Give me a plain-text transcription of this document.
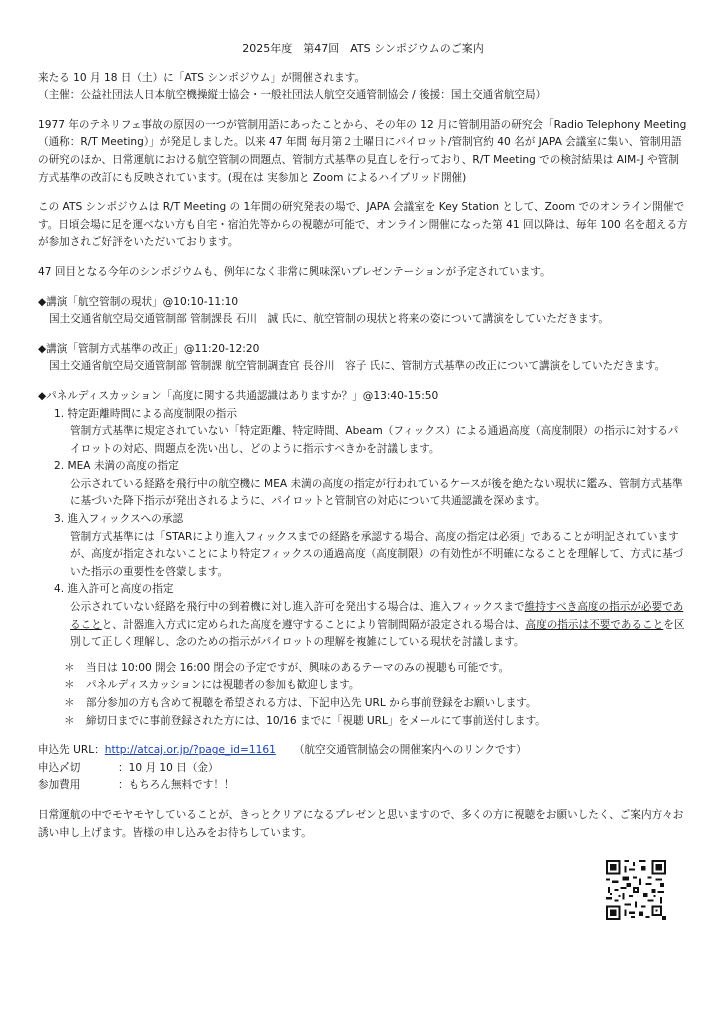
2025年度　第47回　ATS シンポジウムのご案内

来たる 10 月 18 日（土）に「ATS シンポジウム」が開催されます。

（主催：公益社団法人日本航空機操縦士協会・一般社団法人航空交通管制協会 / 後援：国土交通省航空局）

1977 年のテネリフェ事故の原因の一つが管制用語にあったことから、その年の 12 月に管制用語の研究会「Radio Telephony Meeting（通称：R/T Meeting）」が発足しました。以来 47 年間 毎月第２土曜日にパイロット/管制官約 40 名が JAPA 会議室に集い、管制用語の研究のほか、日常運航における航空管制の問題点、管制方式基準の見直しを行っており、R/T Meeting での検討結果は AIM-J や管制方式基準の改訂にも反映されています。(現在は 実参加と Zoom によるハイブリッド開催)

この ATS シンポジウムは R/T Meeting の 1年間の研究発表の場で、JAPA 会議室を Key Station として、Zoom でのオンライン開催です。日頃会場に足を運べない方も自宅・宿泊先等からの視聴が可能で、オンライン開催になった第 41 回以降は、毎年 100 名を超える方が参加されご好評をいただいております。

47 回目となる今年のシンポジウムも、例年になく非常に興味深いプレゼンテーションが予定されています。

◆講演「航空管制の現状」@10:10-11:10

国土交通省航空局交通管制部 管制課長 石川　誠 氏に、航空管制の現状と将来の姿について講演をしていただきます。

◆講演「管制方式基準の改正」@11:20-12:20

国土交通省航空局交通管制部 管制課 航空管制調査官 長谷川　容子 氏に、管制方式基準の改正について講演をしていただきます。

◆パネルディスカッション「高度に関する共通認識はありますか？」@13:40-15:50

1. 特定距離時間による高度制限の指示

管制方式基準に規定されていない「特定距離、特定時間、Abeam（フィックス）による通過高度（高度制限）の指示に対するパイロットの対応、問題点を洗い出し、どのように指示すべきかを討議します。

2. MEA 未満の高度の指定

公示されている経路を飛行中の航空機に MEA 未満の高度の指定が行われているケースが後を絶たない現状に鑑み、管制方式基準に基づいた降下指示が発出されるように、パイロットと管制官の対応について共通認識を深めます。

3. 進入フィックスへの承認

管制方式基準には「STARにより進入フィックスまでの経路を承認する場合、高度の指定は必須」であることが明記されていますが、高度が指定されないことにより特定フィックスの通過高度（高度制限）の有効性が不明確になることを理解して、方式に基づいた指示の重要性を啓蒙します。

4. 進入許可と高度の指定

公示されていない経路を飛行中の到着機に対し進入許可を発出する場合は、進入フィックスまで維持すべき高度の指示が必要であることと、計器進入方式に定められた高度を遵守することにより管制間隔が設定される場合は、高度の指示は不要であることを区別して正しく理解し、念のための指示がパイロットの理解を複雑にしている現状を討議します。

＊	当日は 10:00 開会 16:00 閉会の予定ですが、興味のあるテーマのみの視聴も可能です。
＊	パネルディスカッションには視聴者の参加も歓迎します。
＊	部分参加の方も含めて視聴を希望される方は、下記申込先 URL から事前登録をお願いします。
＊	締切日までに事前登録された方には、10/16 までに「視聴 URL」をメールにて事前送付します。
申込先 URL： http://atcaj.or.jp/?page_id=1161 （航空交通管制協会の開催案内へのリンクです）
申込〆切	：10 月 10 日（金）
参加費用	：もちろん無料です！！

日常運航の中でモヤモヤしていることが、きっとクリアになるプレゼンと思いますので、多くの方に視聴をお願いしたく、ご案内方々お誘い申し上げます。皆様の申し込みをお待ちしています。
